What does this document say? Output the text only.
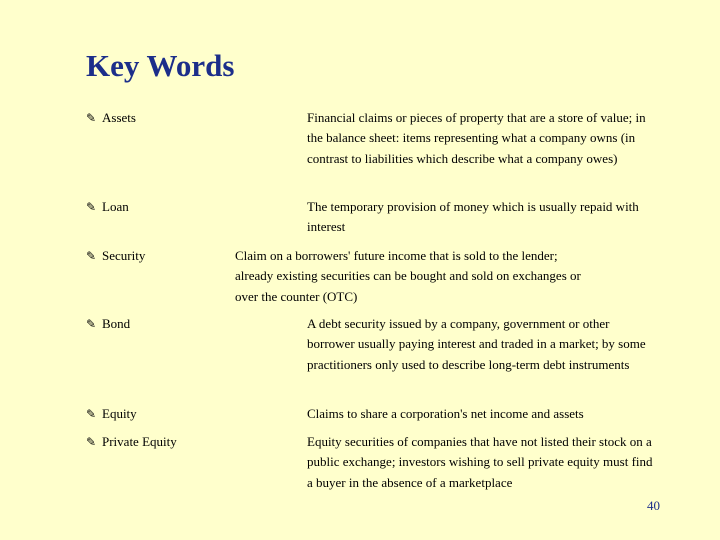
Key Words
✎ Assets	Financial claims or pieces of property that are a store of value; in the balance sheet: items representing what a company owns (in contrast to liabilities which describe what a company owes)
✎ Loan	The temporary provision of money which is usually repaid with interest
✎ Security	Claim on a borrowers' future income that is sold to the lender; already existing securities can be bought and sold on exchanges or over the counter (OTC)
✎ Bond	A debt security issued by a company, government or other borrower usually paying interest and traded in a market; by some practitioners only used to describe long-term debt instruments
✎ Equity	Claims to share a corporation's net income and assets
✎ Private Equity	Equity securities of companies that have not listed their stock on a public exchange; investors wishing to sell private equity must find a buyer in the absence of a marketplace
40
